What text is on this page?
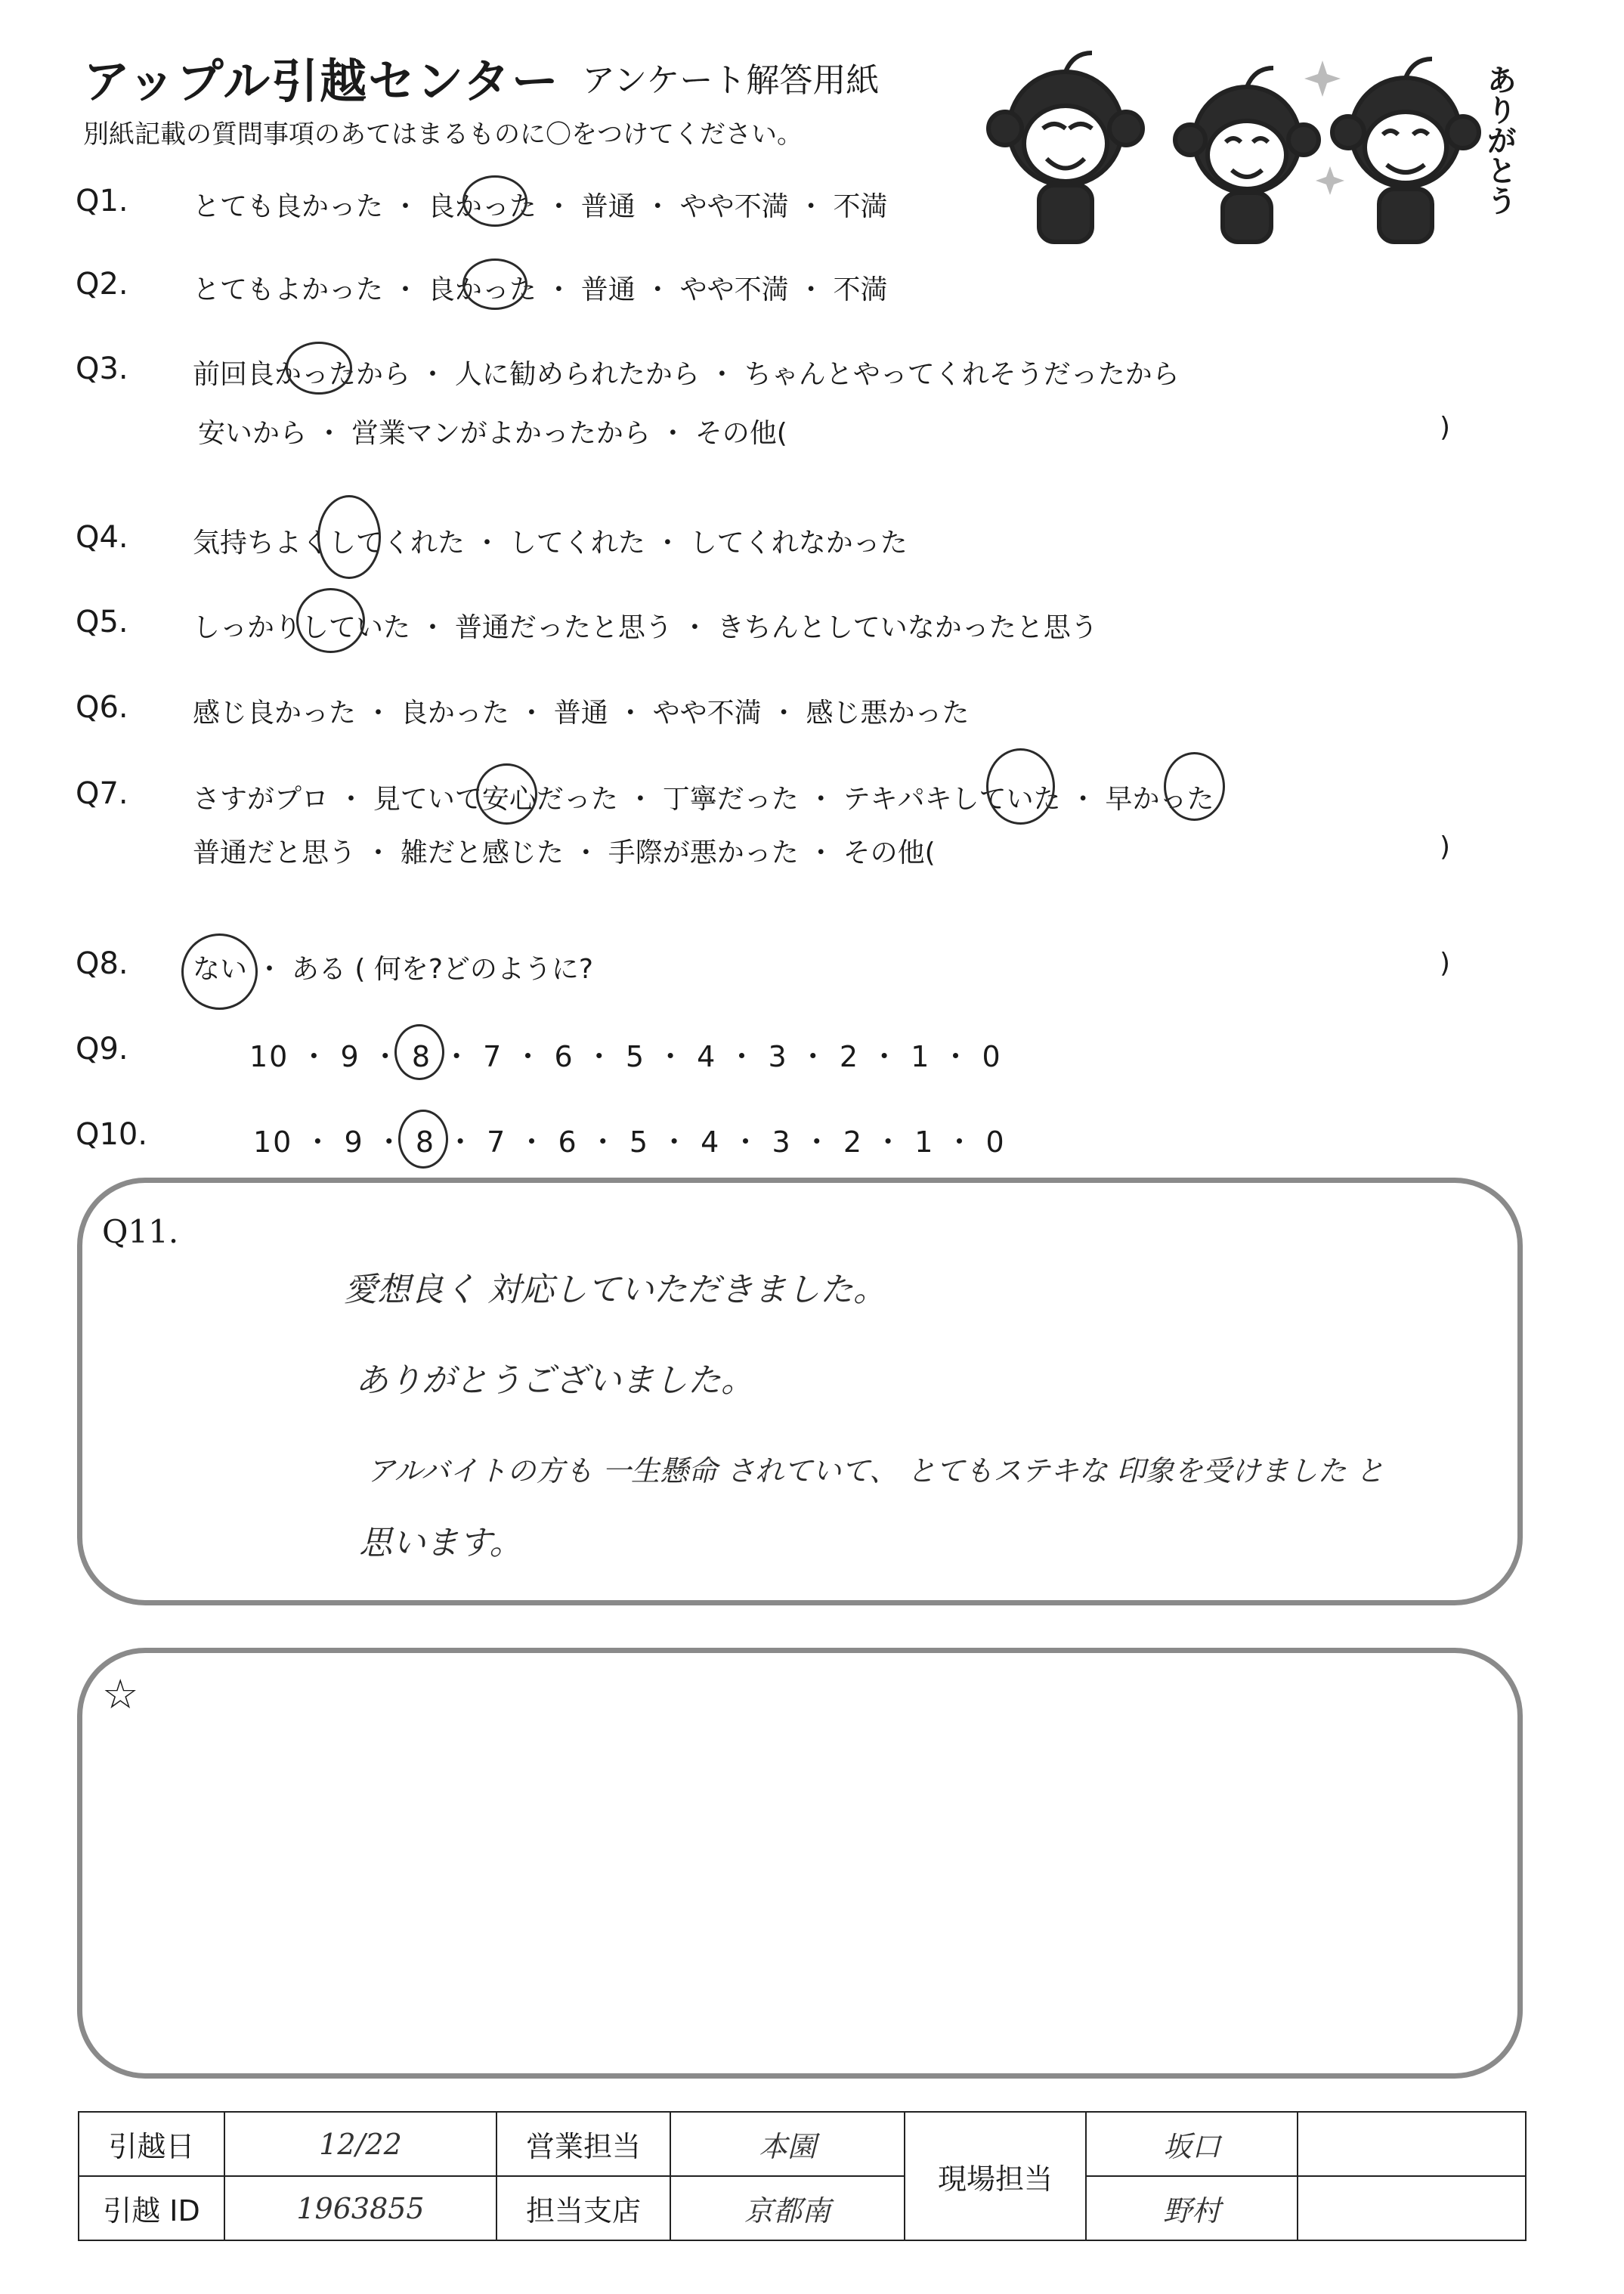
アップル引越センター アンケート解答用紙
別紙記載の質問事項のあてはまるものに〇をつけてください。	ありがとう
Q1. とても良かった ・ 良かった ・ 普通 ・ やや不満 ・ 不満
Q2. とてもよかった ・ 良かった ・ 普通 ・ やや不満 ・ 不満
Q3. 前回良かったから ・ 人に勧められたから ・ ちゃんとやってくれそうだったから
安いから ・ 営業マンがよかったから ・ その他(	)
Q4. 気持ちよくしてくれた ・ してくれた ・ してくれなかった
Q5. しっかりしていた ・ 普通だったと思う ・ きちんとしていなかったと思う
Q6. 感じ良かった ・ 良かった ・ 普通 ・ やや不満 ・ 感じ悪かった
Q7. さすがプロ ・ 見ていて安心だった ・ 丁寧だった ・ テキパキしていた ・ 早かった
普通だと思う ・ 雑だと感じた ・ 手際が悪かった ・ その他(	)
Q8. ない ・ ある ( 何を?どのように?	)
Q9.	10 ・ 9 ・ 8 ・ 7 ・ 6 ・ 5 ・ 4 ・ 3 ・ 2 ・ 1 ・ 0
Q10.	10 ・ 9 ・ 8 ・ 7 ・ 6 ・ 5 ・ 4 ・ 3 ・ 2 ・ 1 ・ 0
Q11.
愛想良く 対応していただきました。
ありがとうございました。
アルバイトの方も 一生懸命 されていて、 とてもステキな 印象を受けました と
思います。
☆
引越日	12/22	営業担当	本園	現場担当	坂口	
引越 ID	1963855	担当支店	京都南		野村	
